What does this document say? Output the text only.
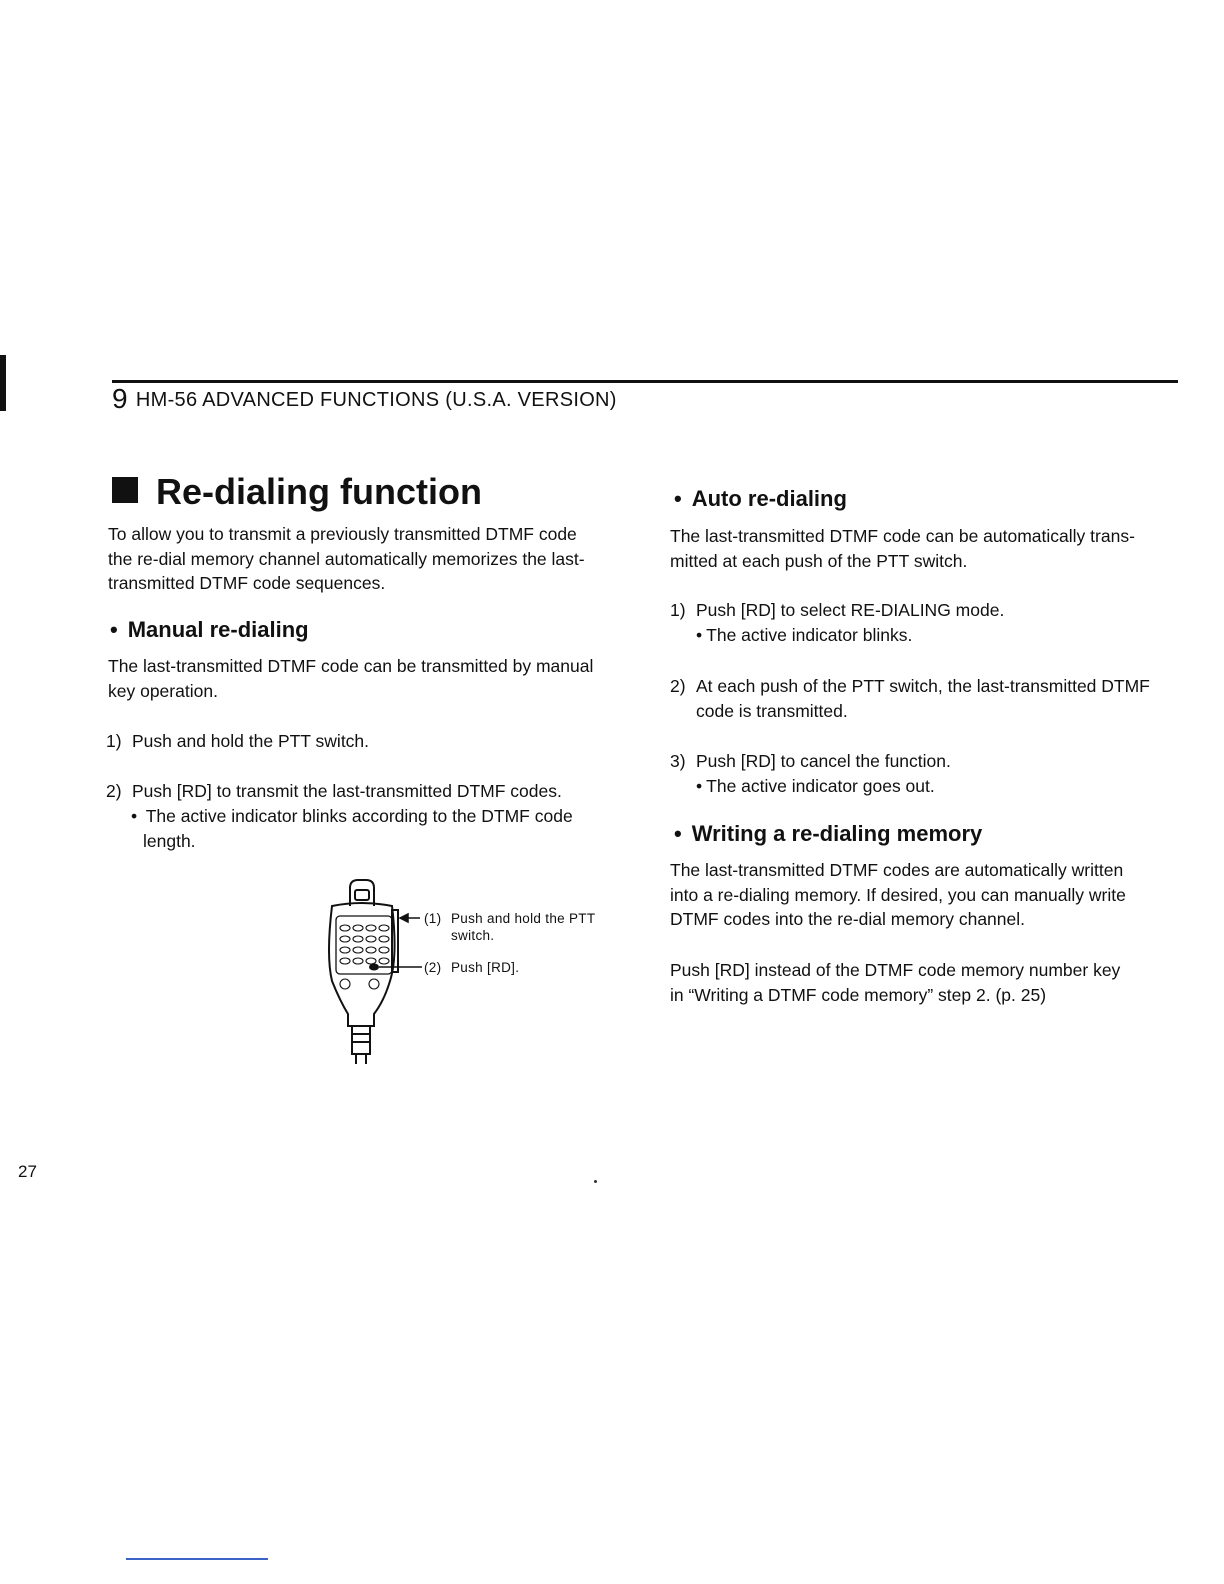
9 HM-56 ADVANCED FUNCTIONS (U.S.A. VERSION)
Re-dialing function
To allow you to transmit a previously transmitted DTMF code
the re-dial memory channel automatically memorizes the last-
transmitted DTMF code sequences.
• Manual re-dialing
The last-transmitted DTMF code can be transmitted by manual
key operation.
1) Push and hold the PTT switch.
2) Push [RD] to transmit the last-transmitted DTMF codes.
• The active indicator blinks according to the DTMF code
length.
(1) Push and hold the PTT
switch.
(2) Push [RD].
• Auto re-dialing
The last-transmitted DTMF code can be automatically trans-
mitted at each push of the PTT switch.
1) Push [RD] to select RE-DIALING mode.
• The active indicator blinks.
2) At each push of the PTT switch, the last-transmitted DTMF
code is transmitted.
3) Push [RD] to cancel the function.
• The active indicator goes out.
• Writing a re-dialing memory
The last-transmitted DTMF codes are automatically written
into a re-dialing memory. If desired, you can manually write
DTMF codes into the re-dial memory channel.
Push [RD] instead of the DTMF code memory number key
in “Writing a DTMF code memory” step 2. (p. 25)
27
